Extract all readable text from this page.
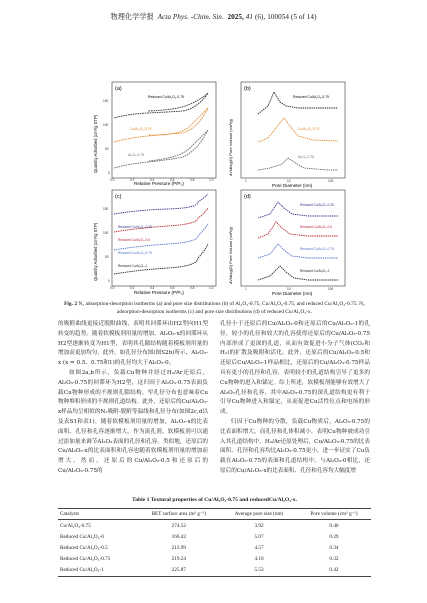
物理化学学报 Acta Phys. -Chim. Sin. 2025, 41 (6), 100054 (5 of 14)
(a)
Quantity Adsorbed (cm³/g STP)
Relative Pressure (P/P₀)
150
100
50
0
0.0	0.2	0.4	0.6	0.8	1.0
Reduced Cu/Al₂O₃-0.75
Cu/Al₂O₃-0.75
Al₂O₃-0.75
(b)
dV/dlog(D) Pore Volume (cm³/g)
Pore Diameter (nm)
1	10	100
Reduced Cu/Al₂O₃-0.75
Cu/Al₂O₃-0.75
Al₂O₃-0.75
(c)
Quantity Adsorbed (cm³/g STP)
Relative Pressure (P/P₀)
150
100
50
0
0.0	0.2	0.4	0.6	0.8	1.0
Reduced Cu/Al₂O₃-0.25
Reduced Cu/Al₂O₃-0.5
Reduced Cu/Al₂O₃-0.75
Reduced Cu/Al₂O₃-1
(d)
dV/dlog(D) Pore Volume (cm³/g)
Pore Diameter (nm)
1	10	100
Reduced Cu/Al₂O₃-0.25
Reduced Cu/Al₂O₃-0.5
Reduced Cu/Al₂O₃-0.75
Reduced Cu/Al₂O₃-1
Fig. 2 N₂ adsorption-desorption isotherms (a) and pore size distributions (b) of Al₂O₃-0.75, Cu/Al₂O₃-0.75, and reduced Cu/Al₂O₃-0.75. N₂ adsorption-desorption isotherms (c) and pore size distributions (d) of reduced Cu/Al₂O₃-x.

的吸附曲线更接近脱附曲线，表明其回滞环由H2型向H1型转变的趋势。随着软模板剂用量的增加，Al₂O₃-x的回滞环从H2型逐渐转变为H1型，表明其孔隙结构随着模板剂用量的增加而更加均匀。此外，如孔径分布图(图S2b)所示，Al₂O₃-x (x = 0.5、0.75和1)的孔径均大于Al₂O₃-0。

如图2a,b所示，负载Cu物种并经过H₂/Ar还原后，Al₂O₃-0.75的回滞环为H2型，这归因于Al₂O₃-0.75表面负载Cu物种形成的不规则孔隙结构。窄孔径分布也意味着Cu物种堆积形成的不规则孔道结构。此外，还原后的Cu/Al₂O₃-x样品均呈相似的N₂吸附-脱附等温线和孔径分布(如图2c,d以及表S1和表1)。随着软模板剂用量的增加，Al₂O₃-x的比表面积、孔径和孔容逐渐增大。作为流孔剂，软模板剂可以通过添加量来调节Al₂O₃表面的孔径和孔容。类似地，还原后的Cu/Al₂O₃-x的比表面积和孔容也随着软模板剂用量的增加而增大。然而，还原后的Cu/Al₂O₃-0.5和还原后的Cu/Al₂O₃-0.75的

孔径小于还原后的Cu/Al₂O₃-0和还原后的Cu/Al₂O₃-1的孔径，较小的孔径和较大的孔容使得还原后的Cu/Al₂O₃-0.75内部形成了更深的孔道，从而有效促进小分子气体(CO₂和H₂)的扩散及吸附和活化。此外，还原后的Cu/Al₂O₃-0.5和还原后Cu/Al₂O₃-1样品相比，还原后的Cu/Al₂O₃-0.75样品具有更小的孔径和孔容，表明较小的孔道结构引导了更多的Cu物种的进入和锚定。综上所述，软模板剂能够有效增大了Al₂O₃孔径和孔容，其中Al₂O₃-0.75的深孔道结构更有利于引导Cu物种进入和锚定，从而促进Cu活性位点和电场的形成。

归因于Cu物种的分散，负载Cu物质后，Al₂O₃-0.75的比表面积增大，而孔径和孔体积减小，表明Cu物种被成功引入其孔道结构中。H₂/Ar还原处理后，Cu/Al₂O₃-0.75的比表面积、孔径和孔容均比Al₂O₃-0.75更小，进一步证实了Cu负载在Al₂O₃-0.75的表面和孔道结构中。与Al₂O₃-0相比，还原后的Cu/Al₂O₃-x的比表面积、孔径和孔容均大幅度增

Table 1 Textural properties of Cu/Al₂O₃-0.75 and reducedCu/Al₂O₃-x.
Catalysts	BET surface area (m² g⁻¹)	Average pore size (nm)	Pore volume (cm³ g⁻¹)
Cu/Al₂O₃-0.75	274.52	3.92	0.40
Reduced Cu/Al₂O₃-0	166.42	5.07	0.29
Reduced Cu/Al₂O₃-0.5	213.99	4.57	0.34
Reduced Cu/Al₂O₃-0.75	219.24	4.10	0.32
Reduced Cu/Al₂O₃-1	225.87	5.53	0.42
